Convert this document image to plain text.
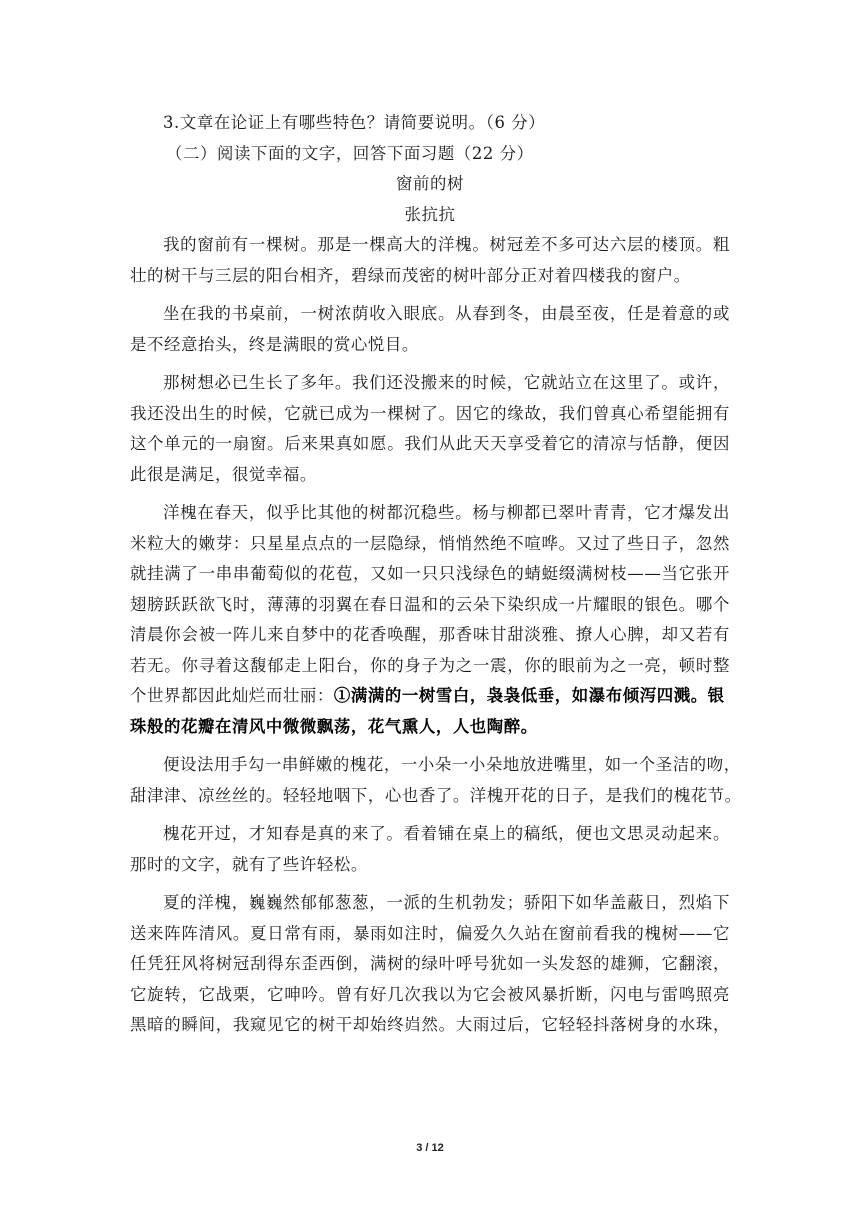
3.文章在论证上有哪些特色？请简要说明。（6 分）
（二）阅读下面的文字，回答下面习题（22 分）
窗前的树
张抗抗
我的窗前有一棵树。那是一棵高大的洋槐。树冠差不多可达六层的楼顶。粗
壮的树干与三层的阳台相齐，碧绿而茂密的树叶部分正对着四楼我的窗户。
坐在我的书桌前，一树浓荫收入眼底。从春到冬，由晨至夜，任是着意的或
是不经意抬头，终是满眼的赏心悦目。
那树想必已生长了多年。我们还没搬来的时候，它就站立在这里了。或许，
我还没出生的时候，它就已成为一棵树了。因它的缘故，我们曾真心希望能拥有
这个单元的一扇窗。后来果真如愿。我们从此天天享受着它的清凉与恬静，便因
此很是满足，很觉幸福。
洋槐在春天，似乎比其他的树都沉稳些。杨与柳都已翠叶青青，它才爆发出
米粒大的嫩芽：只星星点点的一层隐绿，悄悄然绝不喧哗。又过了些日子，忽然
就挂满了一串串葡萄似的花苞，又如一只只浅绿色的蜻蜓缀满树枝——当它张开
翅膀跃跃欲飞时，薄薄的羽翼在春日温和的云朵下染织成一片耀眼的银色。哪个
清晨你会被一阵儿来自梦中的花香唤醒，那香味甘甜淡雅、撩人心脾，却又若有
若无。你寻着这馥郁走上阳台，你的身子为之一震，你的眼前为之一亮，顿时整
个世界都因此灿烂而壮丽：①满满的一树雪白，袅袅低垂，如瀑布倾泻四溅。银
珠般的花瓣在清风中微微飘荡，花气熏人，人也陶醉。
便设法用手勾一串鲜嫩的槐花，一小朵一小朵地放进嘴里，如一个圣洁的吻，
甜津津、凉丝丝的。轻轻地咽下，心也香了。洋槐开花的日子，是我们的槐花节。
槐花开过，才知春是真的来了。看着铺在桌上的稿纸，便也文思灵动起来。
那时的文字，就有了些许轻松。
夏的洋槐，巍巍然郁郁葱葱，一派的生机勃发；骄阳下如华盖蔽日，烈焰下
送来阵阵清风。夏日常有雨，暴雨如注时，偏爱久久站在窗前看我的槐树——它
任凭狂风将树冠刮得东歪西倒，满树的绿叶呼号犹如一头发怒的雄狮，它翻滚，
它旋转，它战栗，它呻吟。曾有好几次我以为它会被风暴折断，闪电与雷鸣照亮
黑暗的瞬间，我窥见它的树干却始终岿然。大雨过后，它轻轻抖落树身的水珠，
3 / 12
